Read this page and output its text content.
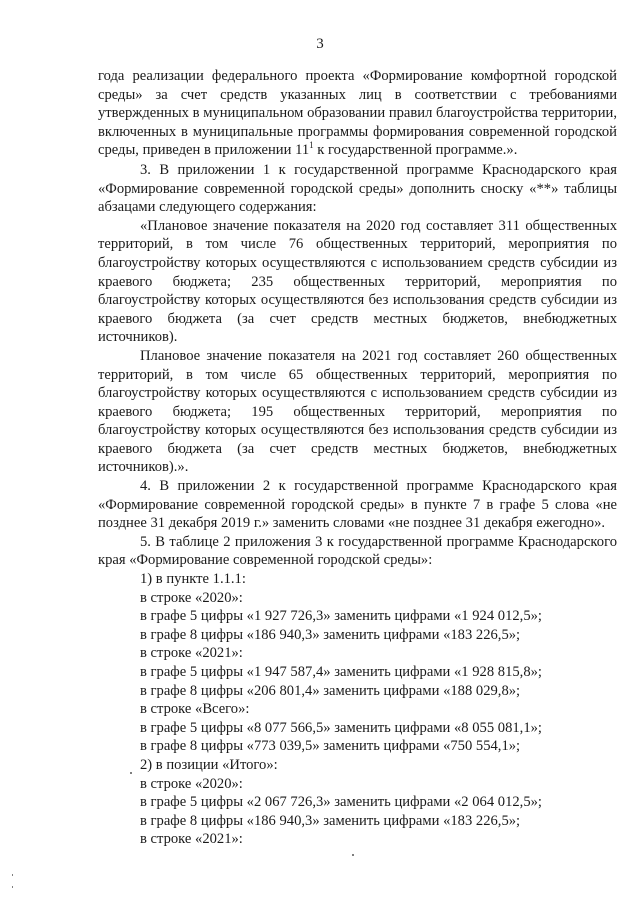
3

года реализации федерального проекта «Формирование комфортной городской среды» за счет средств указанных лиц в соответствии с требованиями утвержденных в муниципальном образовании правил благоустройства территории, включенных в муниципальные программы формирования современной городской среды, приведен в приложении $11^1$ к государственной программе.».

3. В приложении 1 к государственной программе Краснодарского края «Формирование современной городской среды» дополнить сноску «**» таблицы абзацами следующего содержания:

«Плановое значение показателя на 2020 год составляет 311 общественных территорий, в том числе 76 общественных территорий, мероприятия по благоустройству которых осуществляются с использованием средств субсидии из краевого бюджета; 235 общественных территорий, мероприятия по благоустройству которых осуществляются без использования средств субсидии из краевого бюджета (за счет средств местных бюджетов, внебюджетных источников).

Плановое значение показателя на 2021 год составляет 260 общественных территорий, в том числе 65 общественных территорий, мероприятия по благоустройству которых осуществляются с использованием средств субсидии из краевого бюджета; 195 общественных территорий, мероприятия по благоустройству которых осуществляются без использования средств субсидии из краевого бюджета (за счет средств местных бюджетов, внебюджетных источников).».

4. В приложении 2 к государственной программе Краснодарского края «Формирование современной городской среды» в пункте 7 в графе 5 слова «не позднее 31 декабря 2019 г.» заменить словами «не позднее 31 декабря ежегодно».

5. В таблице 2 приложения 3 к государственной программе Краснодарского края «Формирование современной городской среды»:

1) в пункте 1.1.1:

в строке «2020»:

в графе 5 цифры «1 927 726,3» заменить цифрами «1 924 012,5»;

в графе 8 цифры «186 940,3» заменить цифрами «183 226,5»;

в строке «2021»:

в графе 5 цифры «1 947 587,4» заменить цифрами «1 928 815,8»;

в графе 8 цифры «206 801,4» заменить цифрами «188 029,8»;

в строке «Всего»:

в графе 5 цифры «8 077 566,5» заменить цифрами «8 055 081,1»;

в графе 8 цифры «773 039,5» заменить цифрами «750 554,1»;

2) в позиции «Итого»:

в строке «2020»:

в графе 5 цифры «2 067 726,3» заменить цифрами «2 064 012,5»;

в графе 8 цифры «186 940,3» заменить цифрами «183 226,5»;

в строке «2021»:
